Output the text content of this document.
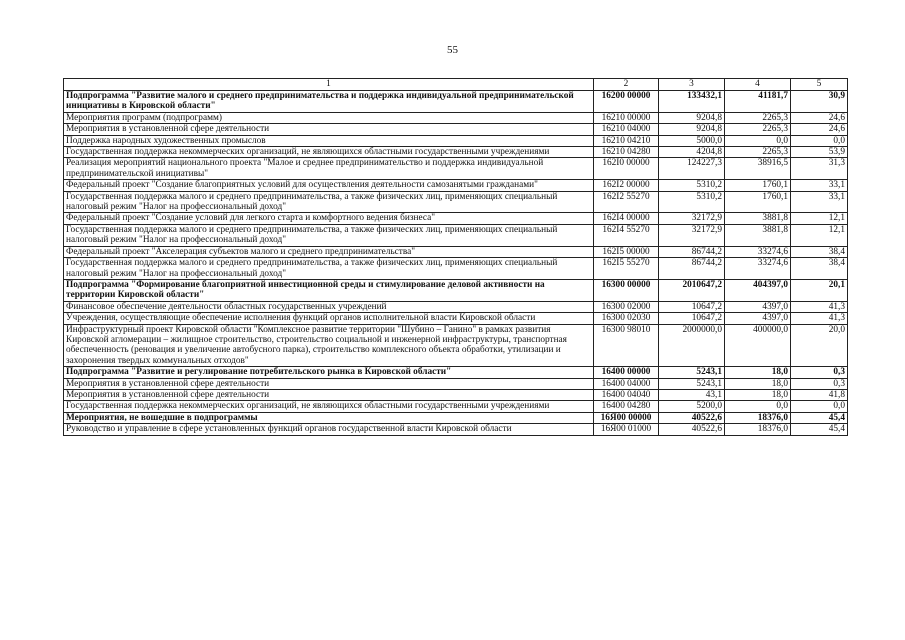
55
1	2	3	4	5
Подпрограмма "Развитие малого и среднего предпринимательства и поддержка индивидуальной предпринимательской инициативы в Кировской области"	16200 00000	133432,1	41181,7	30,9
Мероприятия программ (подпрограмм)	16210 00000	9204,8	2265,3	24,6
Мероприятия в установленной сфере деятельности	16210 04000	9204,8	2265,3	24,6
Поддержка народных художественных промыслов	16210 04210	5000,0	0,0	0,0
Государственная поддержка некоммерческих организаций, не являющихся областными государственными учреждениями	16210 04280	4204,8	2265,3	53,9
Реализация мероприятий национального проекта "Малое и среднее предпринимательство и поддержка индивидуальной предпринимательской инициативы"	162I0 00000	124227,3	38916,5	31,3
Федеральный проект "Создание благоприятных условий для осуществления деятельности самозанятыми гражданами"	162I2 00000	5310,2	1760,1	33,1
Государственная поддержка малого и среднего предпринимательства, а также физических лиц, применяющих специальный налоговый режим "Налог на профессиональный доход"	162I2 55270	5310,2	1760,1	33,1
Федеральный проект "Создание условий для легкого старта и комфортного ведения бизнеса"	162I4 00000	32172,9	3881,8	12,1
Государственная поддержка малого и среднего предпринимательства, а также физических лиц, применяющих специальный налоговый режим "Налог на профессиональный доход"	162I4 55270	32172,9	3881,8	12,1
Федеральный проект "Акселерация субъектов малого и среднего предпринимательства"	162I5 00000	86744,2	33274,6	38,4
Государственная поддержка малого и среднего предпринимательства, а также физических лиц, применяющих специальный налоговый режим "Налог на профессиональный доход"	162I5 55270	86744,2	33274,6	38,4
Подпрограмма "Формирование благоприятной инвестиционной среды и стимулирование деловой активности на территории Кировской области"	16300 00000	2010647,2	404397,0	20,1
Финансовое обеспечение деятельности областных государственных учреждений	16300 02000	10647,2	4397,0	41,3
Учреждения, осуществляющие обеспечение исполнения функций органов исполнительной власти Кировской области	16300 02030	10647,2	4397,0	41,3
Инфраструктурный проект Кировской области "Комплексное развитие территории "Шубино – Ганино" в рамках развития Кировской агломерации – жилищное строительство, строительство социальной и инженерной инфраструктуры, транспортная обеспеченность (реновация и увеличение автобусного парка), строительство комплексного объекта обработки, утилизации и захоронения твердых коммунальных отходов"	16300 98010	2000000,0	400000,0	20,0
Подпрограмма "Развитие и регулирование потребительского рынка в Кировской области"	16400 00000	5243,1	18,0	0,3
Мероприятия в установленной сфере деятельности	16400 04000	5243,1	18,0	0,3
Мероприятия в установленной сфере деятельности	16400 04040	43,1	18,0	41,8
Государственная поддержка некоммерческих организаций, не являющихся областными государственными учреждениями	16400 04280	5200,0	0,0	0,0
Мероприятия, не вошедшие в подпрограммы	16Я00 00000	40522,6	18376,0	45,4
Руководство и управление в сфере установленных функций органов государственной власти Кировской области	16Я00 01000	40522,6	18376,0	45,4
